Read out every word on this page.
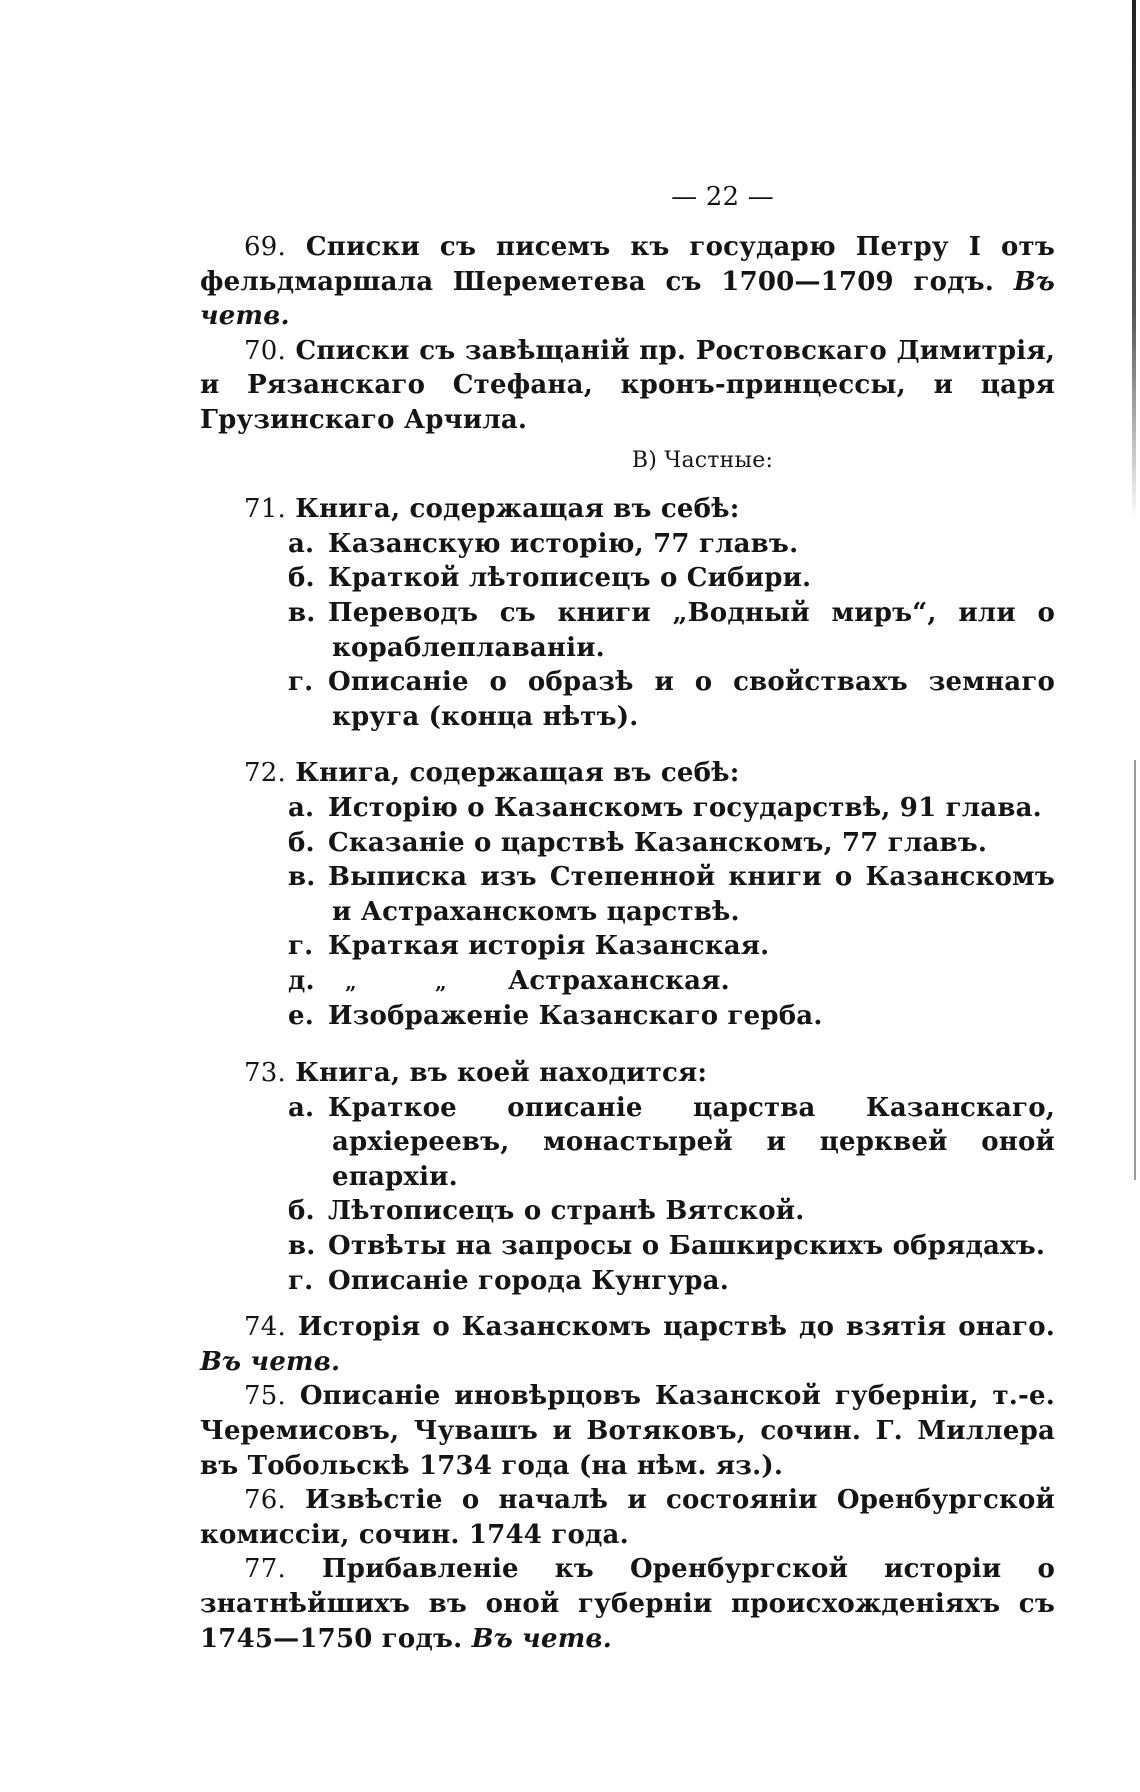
— 22 —

69. Списки съ писемъ къ государю Петру I отъ фельдмаршала Шереметева съ 1700—1709 годъ. Въ четв.

70. Списки съ завѣщаній пр. Ростовскаго Димитрія, и Рязанскаго Стефана, кронъ-принцессы, и царя Грузинскаго Арчила.

В) Частные:

71. Книга, содержащая въ себѣ:

а. Казанскую исторію, 77 главъ.
б. Краткой лѣтописецъ о Сибири.
в. Переводъ съ книги „Водный миръ“, или о кораблеплаваніи.
г. Описаніе о образѣ и о свойствахъ земнаго круга (конца нѣтъ).

72. Книга, содержащая въ себѣ:

а. Исторію о Казанскомъ государствѣ, 91 глава.
б. Сказаніе о царствѣ Казанскомъ, 77 главъ.
в. Выписка изъ Степенной книги о Казанскомъ и Астраханскомъ царствѣ.
г. Краткая исторія Казанская.
д. „	„ Астраханская.
е. Изображеніе Казанскаго герба.

73. Книга, въ коей находится:

а. Краткое описаніе царства Казанскаго, архіереевъ, монастырей и церквей оной епархіи.
б. Лѣтописецъ о странѣ Вятской.
в. Отвѣты на запросы о Башкирскихъ обрядахъ.
г. Описаніе города Кунгура.

74. Исторія о Казанскомъ царствѣ до взятія онаго. Въ четв.

75. Описаніе иновѣрцовъ Казанской губерніи, т.-е. Черемисовъ, Чувашъ и Вотяковъ, сочин. Г. Миллера въ Тобольскѣ 1734 года (на нѣм. яз.).

76. Извѣстіе о началѣ и состояніи Оренбургской комиссіи, сочин. 1744 года.

77. Прибавленіе къ Оренбургской исторіи о знатнѣйшихъ въ оной губерніи происхожденіяхъ съ 1745—1750 годъ. Въ четв.
